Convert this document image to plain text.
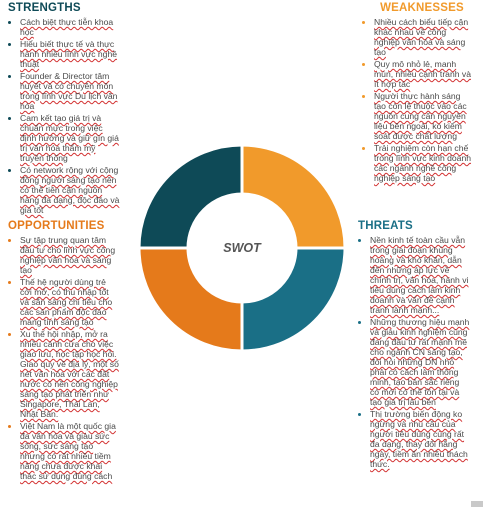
STRENGTHS
• Cách biệt thực tiễn khoa học
• Hiểu biết thực tế và thực hành nhiều lĩnh vực nghề thuật
• Founder & Director tâm huyết và có chuyên môn trong lĩnh vực Du lịch văn hóa
• Cam kết tạo giá trị và chuẩn mực trong việc định hướng và giữ gìn giá trị văn hóa thẩm mỹ truyền thống
• Có network rộng với cộng đồng người sáng tạo nên có thể tiên cận nguồn hàng đa dạng, độc đáo và giá tốt
WEAKNESSES
• Nhiều cách biểu tiếp cận khác nhau về công nghiệp văn hóa và sáng tạo
• Quy mô nhỏ lẻ, manh mún, nhiều cạnh tranh và ít hợp tác
• Người thực hành sáng tạo còn lệ thuộc vào các nguồn cung cấn nguyên liệu bên ngoài, ko kiểm soát được chất lượng
• Trải nghiệm còn hạn chế trong lĩnh vực kinh doanh các ngành nghề công nghiệp sáng tạo
OPPORTUNITIES
• Sự tập trung quan tâm đầu tư cho lĩnh vực công nghiệp văn hóa và sáng tạo
• Thế hệ người dùng trẻ cởi mở, có thu nhập tốt và sẵn sàng chi tiêu cho các sản phẩm độc đáo mang tính sáng tạo
• Xu thế hội nhập, mở ra nhiều cánh cửa cho việc giao lưu, học tập học hỏi. Giao quy về địa lý, một số nét văn hóa với các đất nước có nền công nghiệp sáng tạo phát triển như Singapore, Thái Lan, Nhật Bản.
• Việt Nam là một quốc gia đa văn hóa và giàu sức sống, sức sáng tạo nhưng có rất nhiều tiềm năng chưa được khai thác sử dụng đúng cách
THREATS
• Nền kinh tế toàn cầu vẫn trong giai đoạn khủng hoảng và khó khăn, dẫn đến những áp lực về chính trị, văn hóa, hành vi tiêu dùng cách làm kinh doanh và vấn đề cạnh tranh lành mạnh...
• Những thương hiệu mạnh và giàu kinh nghiệm cùng đang đầu tư rất mạnh mẽ cho ngành CN sáng tạo, đòi hỏi những DN nhỏ phải có cách làm thông minh, tạo bản sắc riêng có mới có thể tồn tại và tạo giá trị lâu bền
• Thị trường biến động ko ngừng và nhu cầu của người tiêu dùng cùng rất đa dạng, thay đổi hằng ngày, tiềm ẩn nhiều thách thức.
SWOT
